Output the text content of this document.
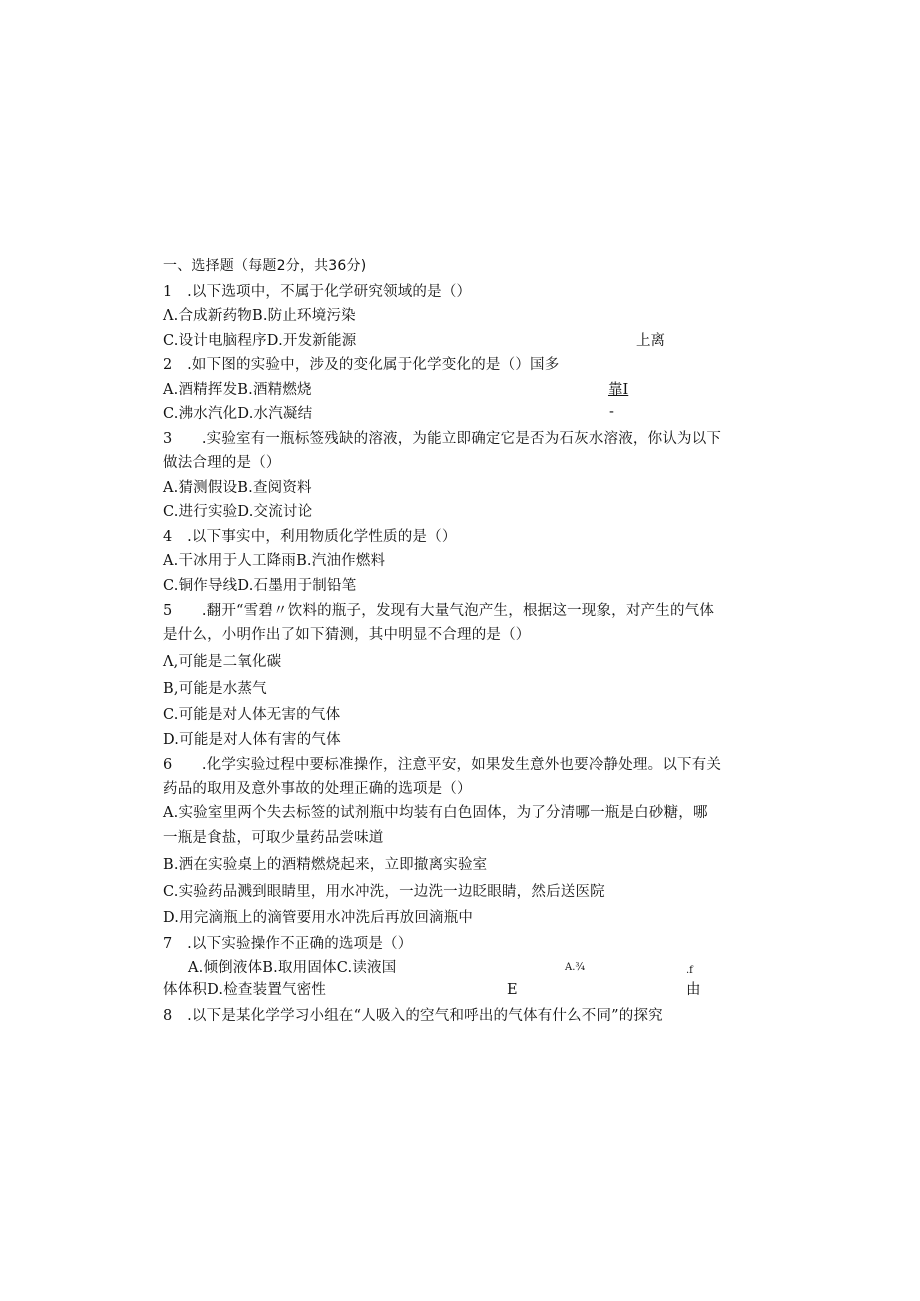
一、选择题（每题2分，共36分)
1　.以下选项中，不属于化学研究领域的是（）
Λ.合成新药物B.防止环境污染
C.设计电脑程序D.开发新能源	上离
2　.如下图的实验中，涉及的变化属于化学变化的是（）国多
A.酒精挥发B.酒精燃烧	靠I
C.沸水汽化D.水汽凝结	-
3　　.实验室有一瓶标签残缺的溶液，为能立即确定它是否为石灰水溶液，你认为以下
做法合理的是（）
A.猜测假设B.查阅资料
C.进行实验D.交流讨论
4　.以下事实中，利用物质化学性质的是（）
A.干冰用于人工降雨B.汽油作燃料
C.铜作导线D.石墨用于制铅笔
5　　.翻开“雪碧〃饮料的瓶子，发现有大量气泡产生，根据这一现象，对产生的气体
是什么，小明作出了如下猜测，其中明显不合理的是（）
Λ,可能是二氧化碳
B,可能是水蒸气
C.可能是对人体无害的气体
D.可能是对人体有害的气体
6　　.化学实验过程中要标准操作，注意平安，如果发生意外也要冷静处理。以下有关
药品的取用及意外事故的处理正确的选项是（）
A.实验室里两个失去标签的试剂瓶中均装有白色固体，为了分清哪一瓶是白砂糖，哪
一瓶是食盐，可取少量药品尝味道
B.洒在实验桌上的酒精燃烧起来，立即撤离实验室
C.实验药品溅到眼睛里，用水冲洗，一边洗一边眨眼睛，然后送医院
D.用完滴瓶上的滴管要用水冲洗后再放回滴瓶中
7　.以下实验操作不正确的选项是（）
A.倾倒液体B.取用固体C.读液国	A.¾	.f
体体积D.检查装置气密性	E	由
8　.以下是某化学学习小组在“人吸入的空气和呼出的气体有什么不同”的探究
